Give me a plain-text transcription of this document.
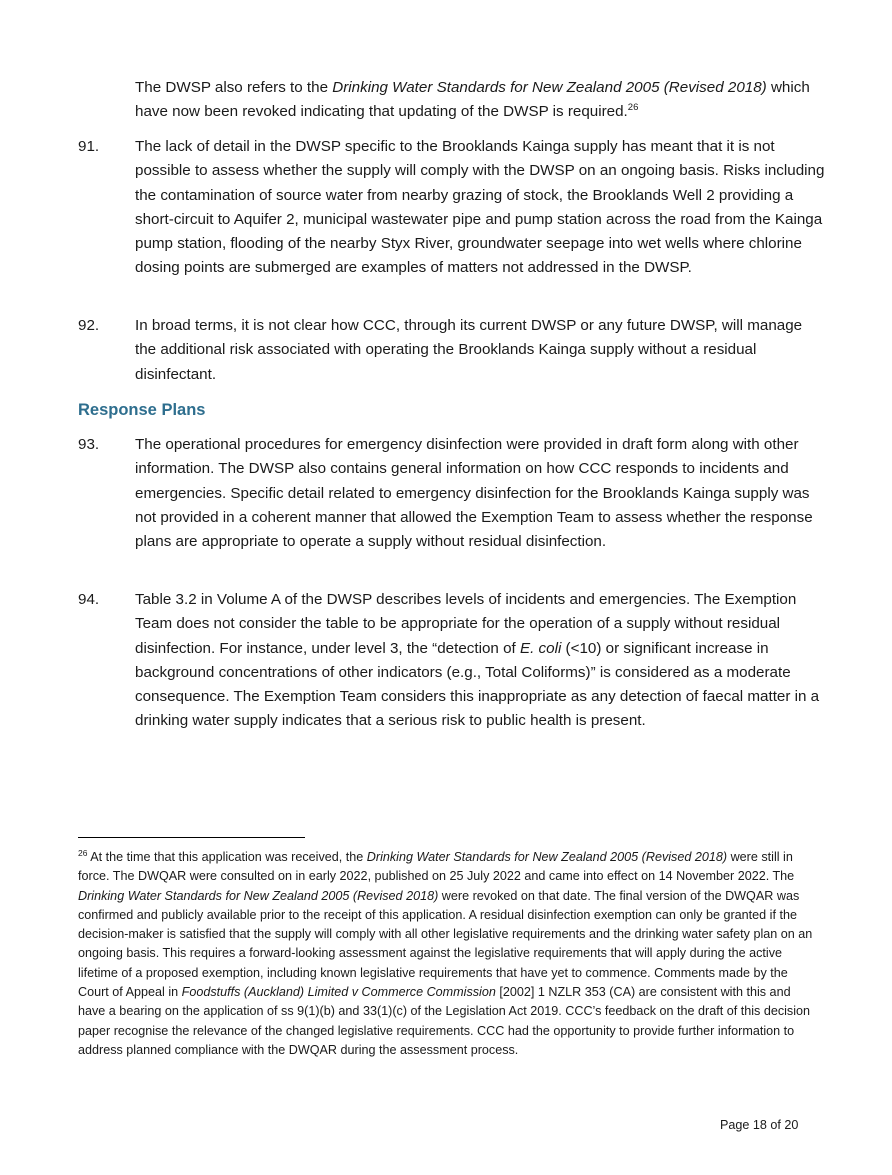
The DWSP also refers to the Drinking Water Standards for New Zealand 2005 (Revised 2018) which have now been revoked indicating that updating of the DWSP is required.$^{26}$
91. The lack of detail in the DWSP specific to the Brooklands Kainga supply has meant that it is not possible to assess whether the supply will comply with the DWSP on an ongoing basis. Risks including the contamination of source water from nearby grazing of stock, the Brooklands Well 2 providing a short-circuit to Aquifer 2, municipal wastewater pipe and pump station across the road from the Kainga pump station, flooding of the nearby Styx River, groundwater seepage into wet wells where chlorine dosing points are submerged are examples of matters not addressed in the DWSP.
92. In broad terms, it is not clear how CCC, through its current DWSP or any future DWSP, will manage the additional risk associated with operating the Brooklands Kainga supply without a residual disinfectant.
Response Plans
93. The operational procedures for emergency disinfection were provided in draft form along with other information. The DWSP also contains general information on how CCC responds to incidents and emergencies. Specific detail related to emergency disinfection for the Brooklands Kainga supply was not provided in a coherent manner that allowed the Exemption Team to assess whether the response plans are appropriate to operate a supply without residual disinfection.
94. Table 3.2 in Volume A of the DWSP describes levels of incidents and emergencies. The Exemption Team does not consider the table to be appropriate for the operation of a supply without residual disinfection. For instance, under level 3, the “detection of E. coli (<10) or significant increase in background concentrations of other indicators (e.g., Total Coliforms)” is considered as a moderate consequence. The Exemption Team considers this inappropriate as any detection of faecal matter in a drinking water supply indicates that a serious risk to public health is present.
$^{26}$ At the time that this application was received, the Drinking Water Standards for New Zealand 2005 (Revised 2018) were still in force. The DWQAR were consulted on in early 2022, published on 25 July 2022 and came into effect on 14 November 2022. The Drinking Water Standards for New Zealand 2005 (Revised 2018) were revoked on that date. The final version of the DWQAR was confirmed and publicly available prior to the receipt of this application. A residual disinfection exemption can only be granted if the decision-maker is satisfied that the supply will comply with all other legislative requirements and the drinking water safety plan on an ongoing basis. This requires a forward-looking assessment against the legislative requirements that will apply during the active lifetime of a proposed exemption, including known legislative requirements that have yet to commence. Comments made by the Court of Appeal in Foodstuffs (Auckland) Limited v Commerce Commission [2002] 1 NZLR 353 (CA) are consistent with this and have a bearing on the application of ss 9(1)(b) and 33(1)(c) of the Legislation Act 2019. CCC’s feedback on the draft of this decision paper recognise the relevance of the changed legislative requirements. CCC had the opportunity to provide further information to address planned compliance with the DWQAR during the assessment process.
Page 18 of 20
